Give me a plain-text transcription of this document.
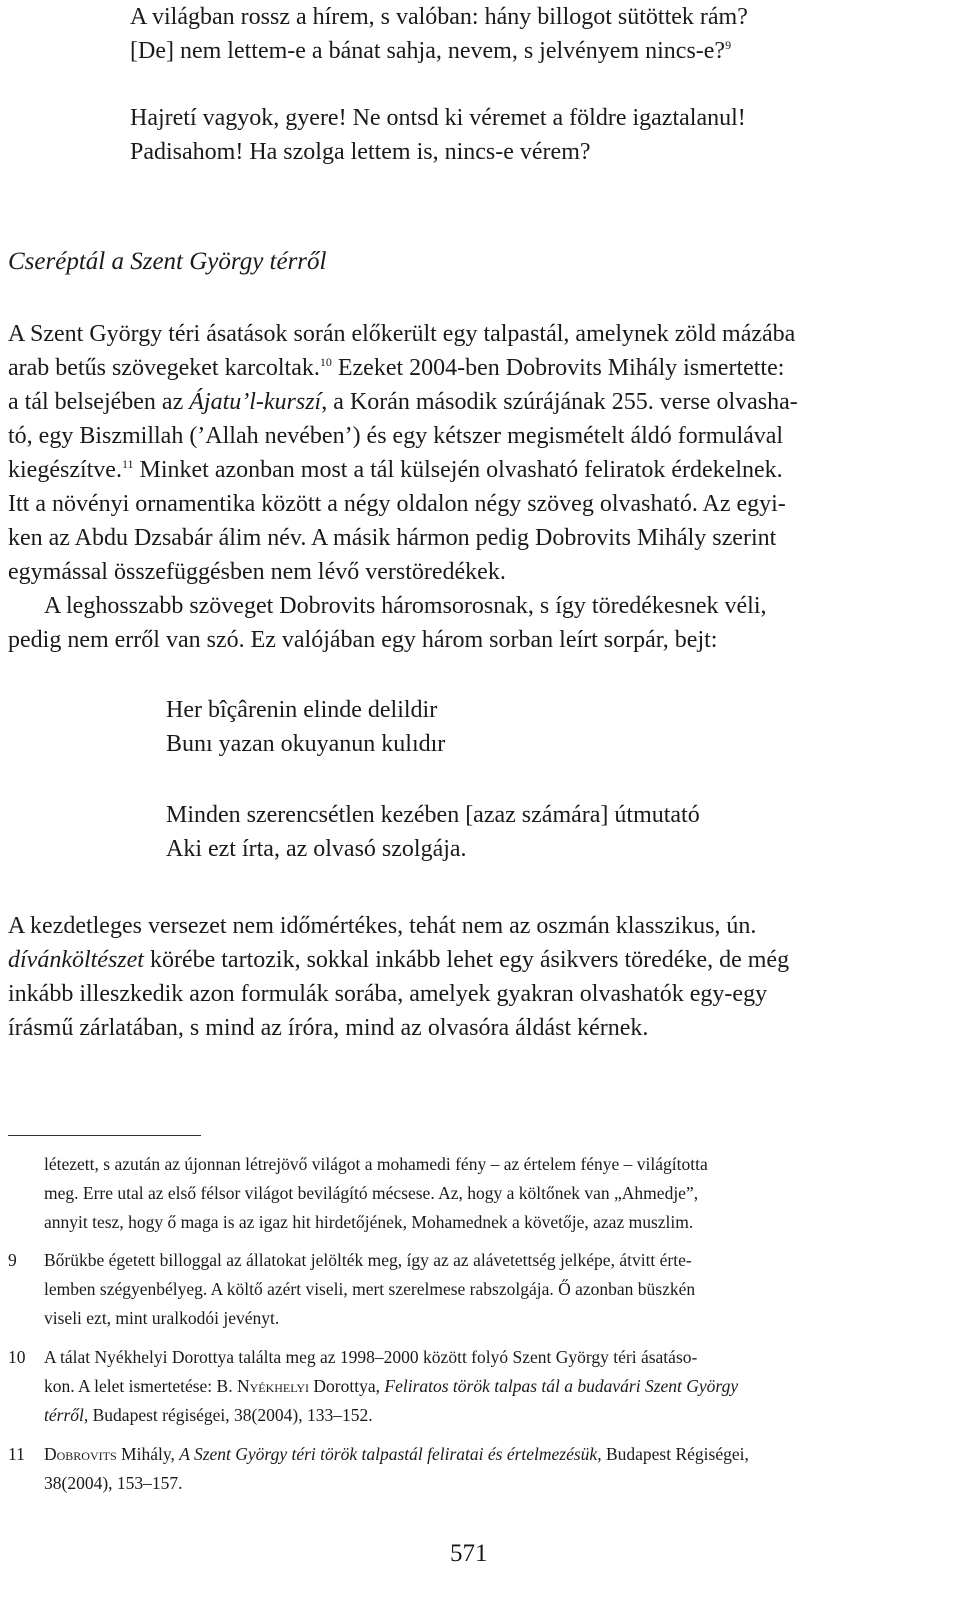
A világban rossz a hírem, s valóban: hány billogot sütöttek rám?
[De] nem lettem-e a bánat sahja, nevem, s jelvényem nincs-e?$^9$
Hajretí vagyok, gyere! Ne ontsd ki véremet a földre igaztalanul!
Padisahom! Ha szolga lettem is, nincs-e vérem?
Cseréptál a Szent György térről
A Szent György téri ásatások során előkerült egy talpastál, amelynek zöld mázába
arab betűs szövegeket karcoltak.$^{10}$ Ezeket 2004-ben Dobrovits Mihály ismertette:
a tál belsejében az Ájatu’l-kurszí, a Korán második szúrájának 255. verse olvasha-
tó, egy Biszmillah (’Allah nevében’) és egy kétszer megismételt áldó formulával
kiegészítve.$^{11}$ Minket azonban most a tál külsején olvasható feliratok érdekelnek.
Itt a növényi ornamentika között a négy oldalon négy szöveg olvasható. Az egyi-
ken az Abdu Dzsabár álim név. A másik hármon pedig Dobrovits Mihály szerint
egymással összefüggésben nem lévő verstöredékek.
A leghosszabb szöveget Dobrovits háromsorosnak, s így töredékesnek véli,
pedig nem erről van szó. Ez valójában egy három sorban leírt sorpár, bejt:
Her bîçârenin elinde delildir
Bunı yazan okuyanun kulıdır
Minden szerencsétlen kezében [azaz számára] útmutató
Aki ezt írta, az olvasó szolgája.
A kezdetleges versezet nem időmértékes, tehát nem az oszmán klasszikus, ún.
dívánköltészet körébe tartozik, sokkal inkább lehet egy ásikvers töredéke, de még
inkább illeszkedik azon formulák sorába, amelyek gyakran olvashatók egy-egy
írásmű zárlatában, s mind az íróra, mind az olvasóra áldást kérnek.
létezett, s azután az újonnan létrejövő világot a mohamedi fény – az értelem fénye – világította
meg. Erre utal az első félsor világot bevilágító mécsese. Az, hogy a költőnek van „Ahmedje”,
annyit tesz, hogy ő maga is az igaz hit hirdetőjének, Mohamednek a követője, azaz muszlim.
9 Bőrükbe égetett billoggal az állatokat jelölték meg, így az az alávetettség jelképe, átvitt érte-
lemben szégyenbélyeg. A költő azért viseli, mert szerelmese rabszolgája. Ő azonban büszkén
viseli ezt, mint uralkodói jevényt.
10 A tálat Nyékhelyi Dorottya találta meg az 1998–2000 között folyó Szent György téri ásatáso-
kon. A lelet ismertetése: B. Nyékhelyi Dorottya, Feliratos török talpas tál a budavári Szent György
térről, Budapest régiségei, 38(2004), 133–152.
11 Dobrovits Mihály, A Szent György téri török talpastál feliratai és értelmezésük, Budapest Régiségei,
38(2004), 153–157.
571
